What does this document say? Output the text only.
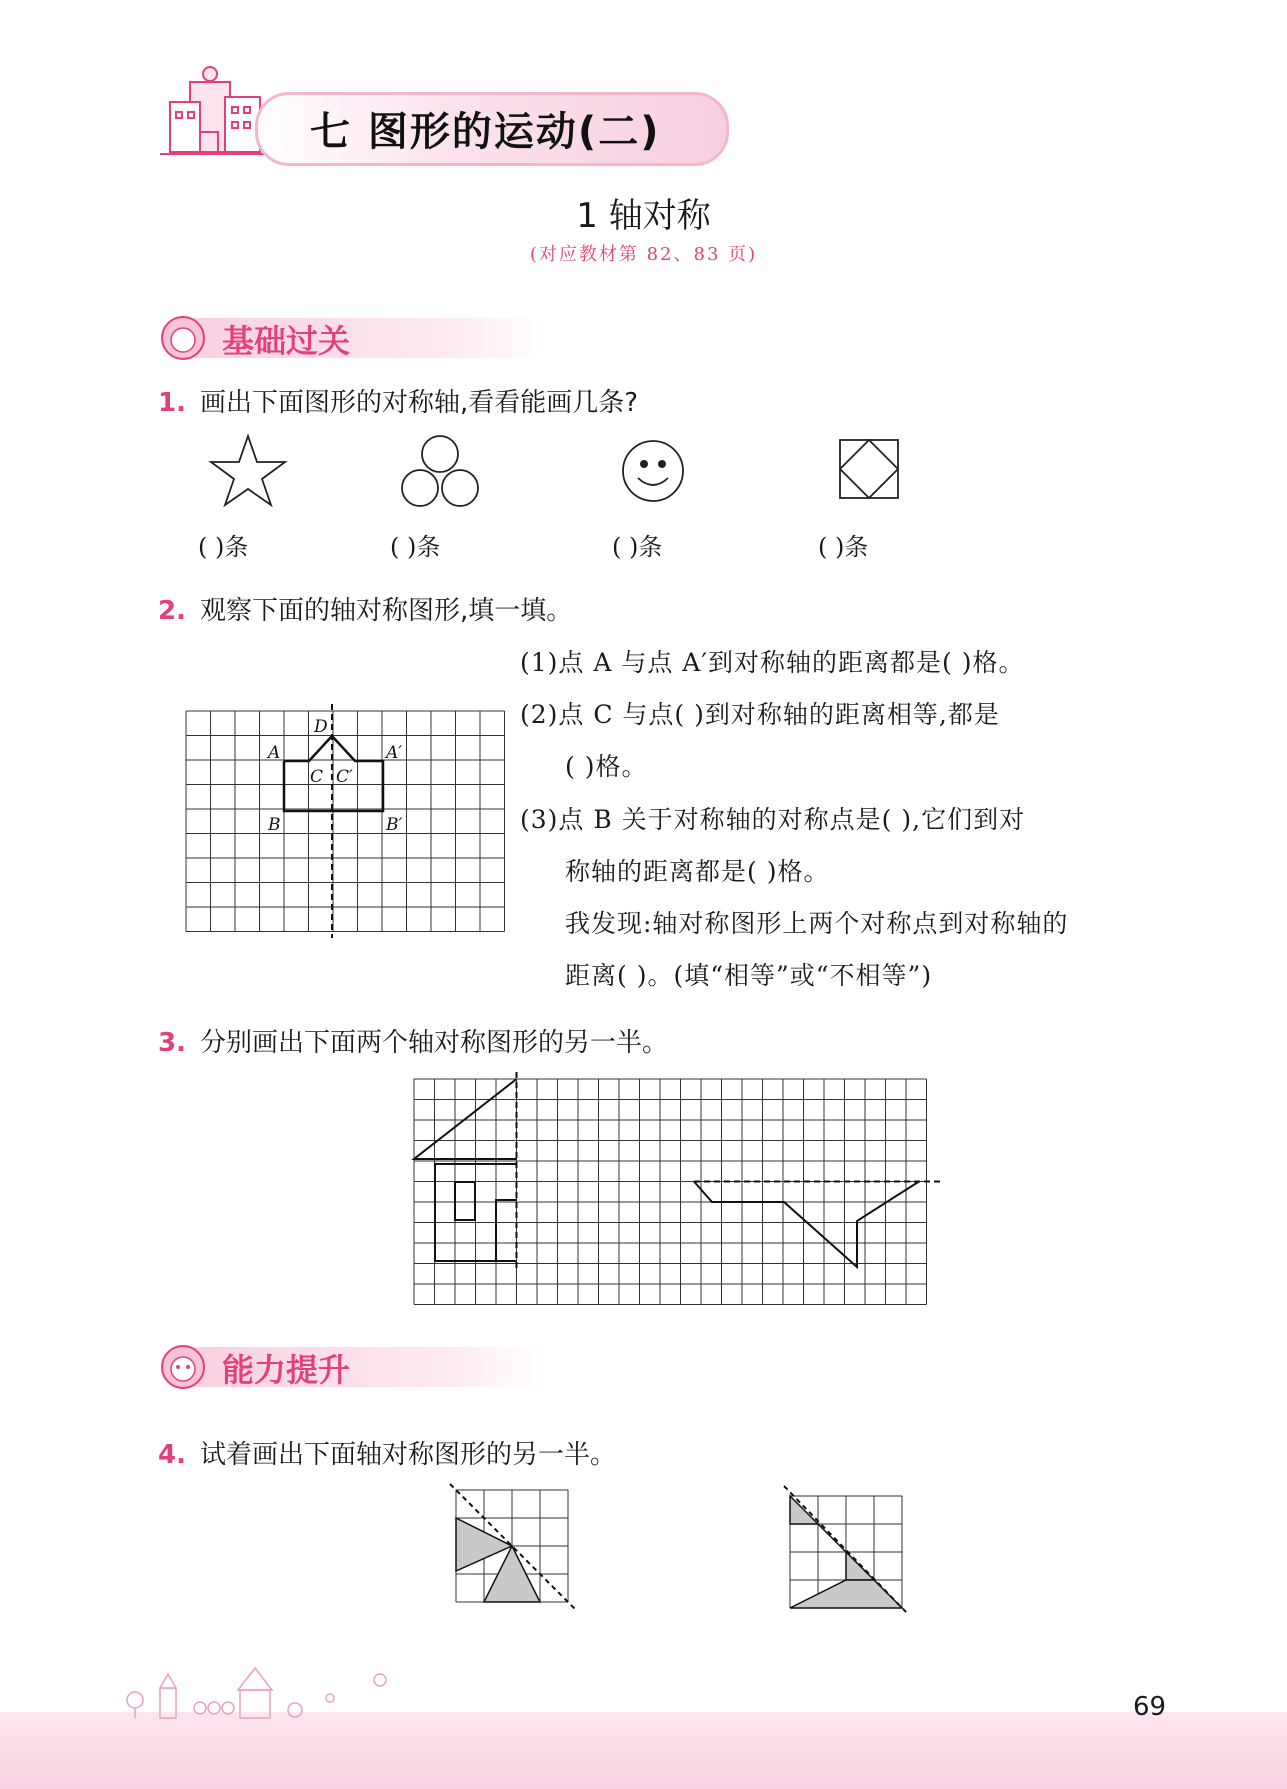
七 图形的运动(二)
1 轴对称
(对应教材第 82、83 页)
基础过关
1. 画出下面图形的对称轴,看看能画几条?
( )条	( )条	( )条	( )条
2. 观察下面的轴对称图形,填一填。
D
A	A′
C C′
B	B′
(1)点 A 与点 A′到对称轴的距离都是( )格。
(2)点 C 与点( )到对称轴的距离相等,都是
( )格。
(3)点 B 关于对称轴的对称点是( ),它们到对
称轴的距离都是( )格。
我发现:轴对称图形上两个对称点到对称轴的
距离( )。(填“相等”或“不相等”)
3. 分别画出下面两个轴对称图形的另一半。
能力提升
4. 试着画出下面轴对称图形的另一半。
69
